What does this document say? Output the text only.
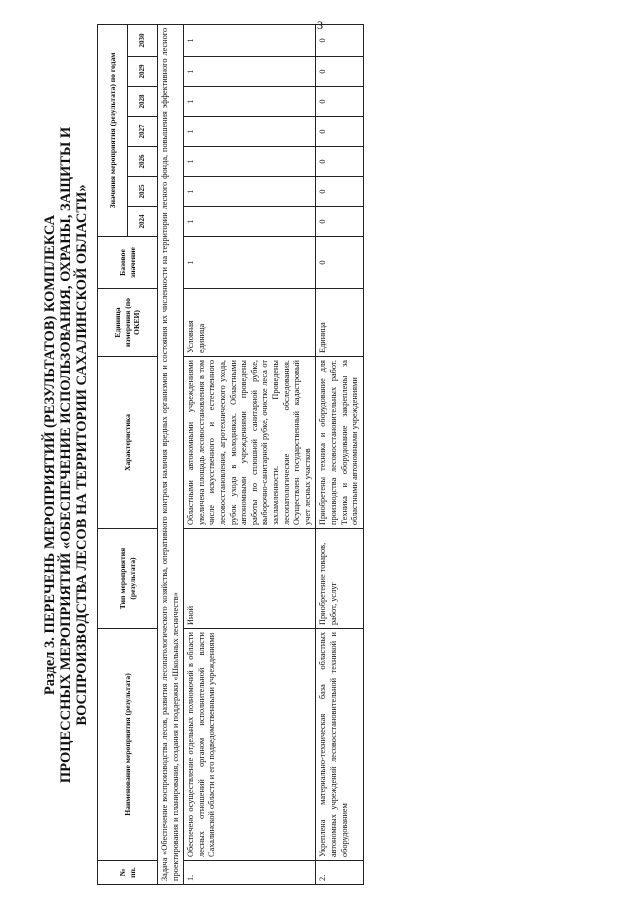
3

Раздел 3. ПЕРЕЧЕНЬ МЕРОПРИЯТИЙ (РЕЗУЛЬТАТОВ) КОМПЛЕКСА ПРОЦЕССНЫХ МЕРОПРИЯТИЙ «ОБЕСПЕЧЕНИЕ ИСПОЛЬЗОВАНИЯ, ОХРАНЫ, ЗАЩИТЫ И ВОСПРОИЗВОДСТВА ЛЕСОВ НА ТЕРРИТОРИИ САХАЛИНСКОЙ ОБЛАСТИ»

№ пп.	Наименование мероприятия (результата)	Тип мероприятия (результата)	Характеристика	Единица измерения (по ОКЕИ)	Базовое значение	Значения мероприятия (результата) по годам						
						2024	2025	2026	2027	2028	2029	2030
Задача «Обеспечение воспроизводства лесов, развития лесопатологического хозяйства, оперативного контроля наличия вредных организмов и состояния их численности на территории лесного фонда, повышения эффективного лесного проектирования и планирования, создания и поддержки «Школьных лесничеств»												
1.	Обеспечено осуществление отдельных полномочий в области лесных отношений органом исполнительной власти Сахалинской области и его подведомственными учреждениями	Иной	Областными автономными учреждениями увеличена площадь лесовосстановления в том числе искусственного и естественного лесовосстановления, агротехнического ухода, рубок ухода в молодняках. Областными автономными учреждениями проведены работы по сплошной санитарной рубке, выборочно-санитарной рубке, очистке леса от захламленности. Проведены лесопатологические обследования. Осуществлен государственный кадастровый учет лесных участков	Условная единица	1	1	1	1	1	1	1	1
2.	Укреплена материально-техническая база областных автономных учреждений лесовосстановительной техникой и оборудованием	Приобретение товаров, работ, услуг	Приобретены техника и оборудование для производства лесовосстановительных работ. Техника и оборудование закреплены за областными автономными учреждениями	Единица	0	0	0	0	0	0	0	0
